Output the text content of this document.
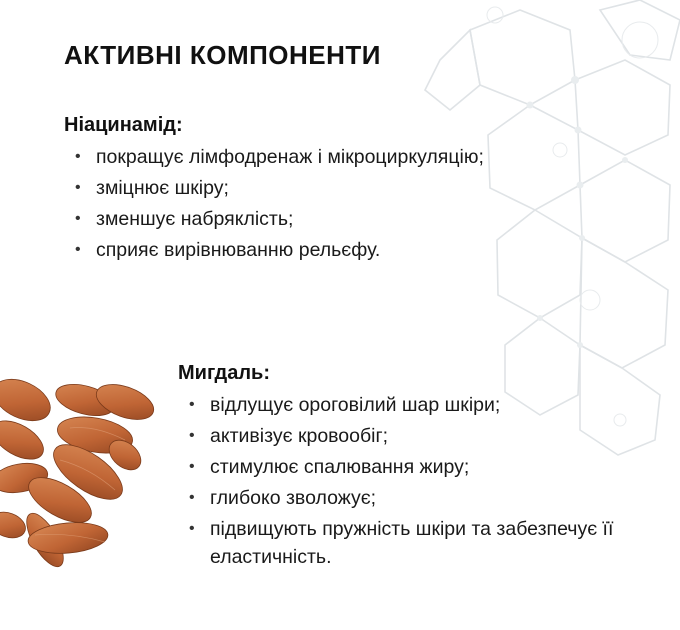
АКТИВНІ КОМПОНЕНТИ
Ніацинамід:
• покращує лімфодренаж і мікроциркуляцію;
• зміцнює шкіру;
• зменшує набряклість;
• сприяє вирівнюванню рельєфу.
Мигдаль:
• відлущує ороговілий шар шкіри;
• активізує кровообіг;
• стимулює спалювання жиру;
• глибоко зволожує;
• підвищують пружність шкіри та забезпечує її еластичність.
